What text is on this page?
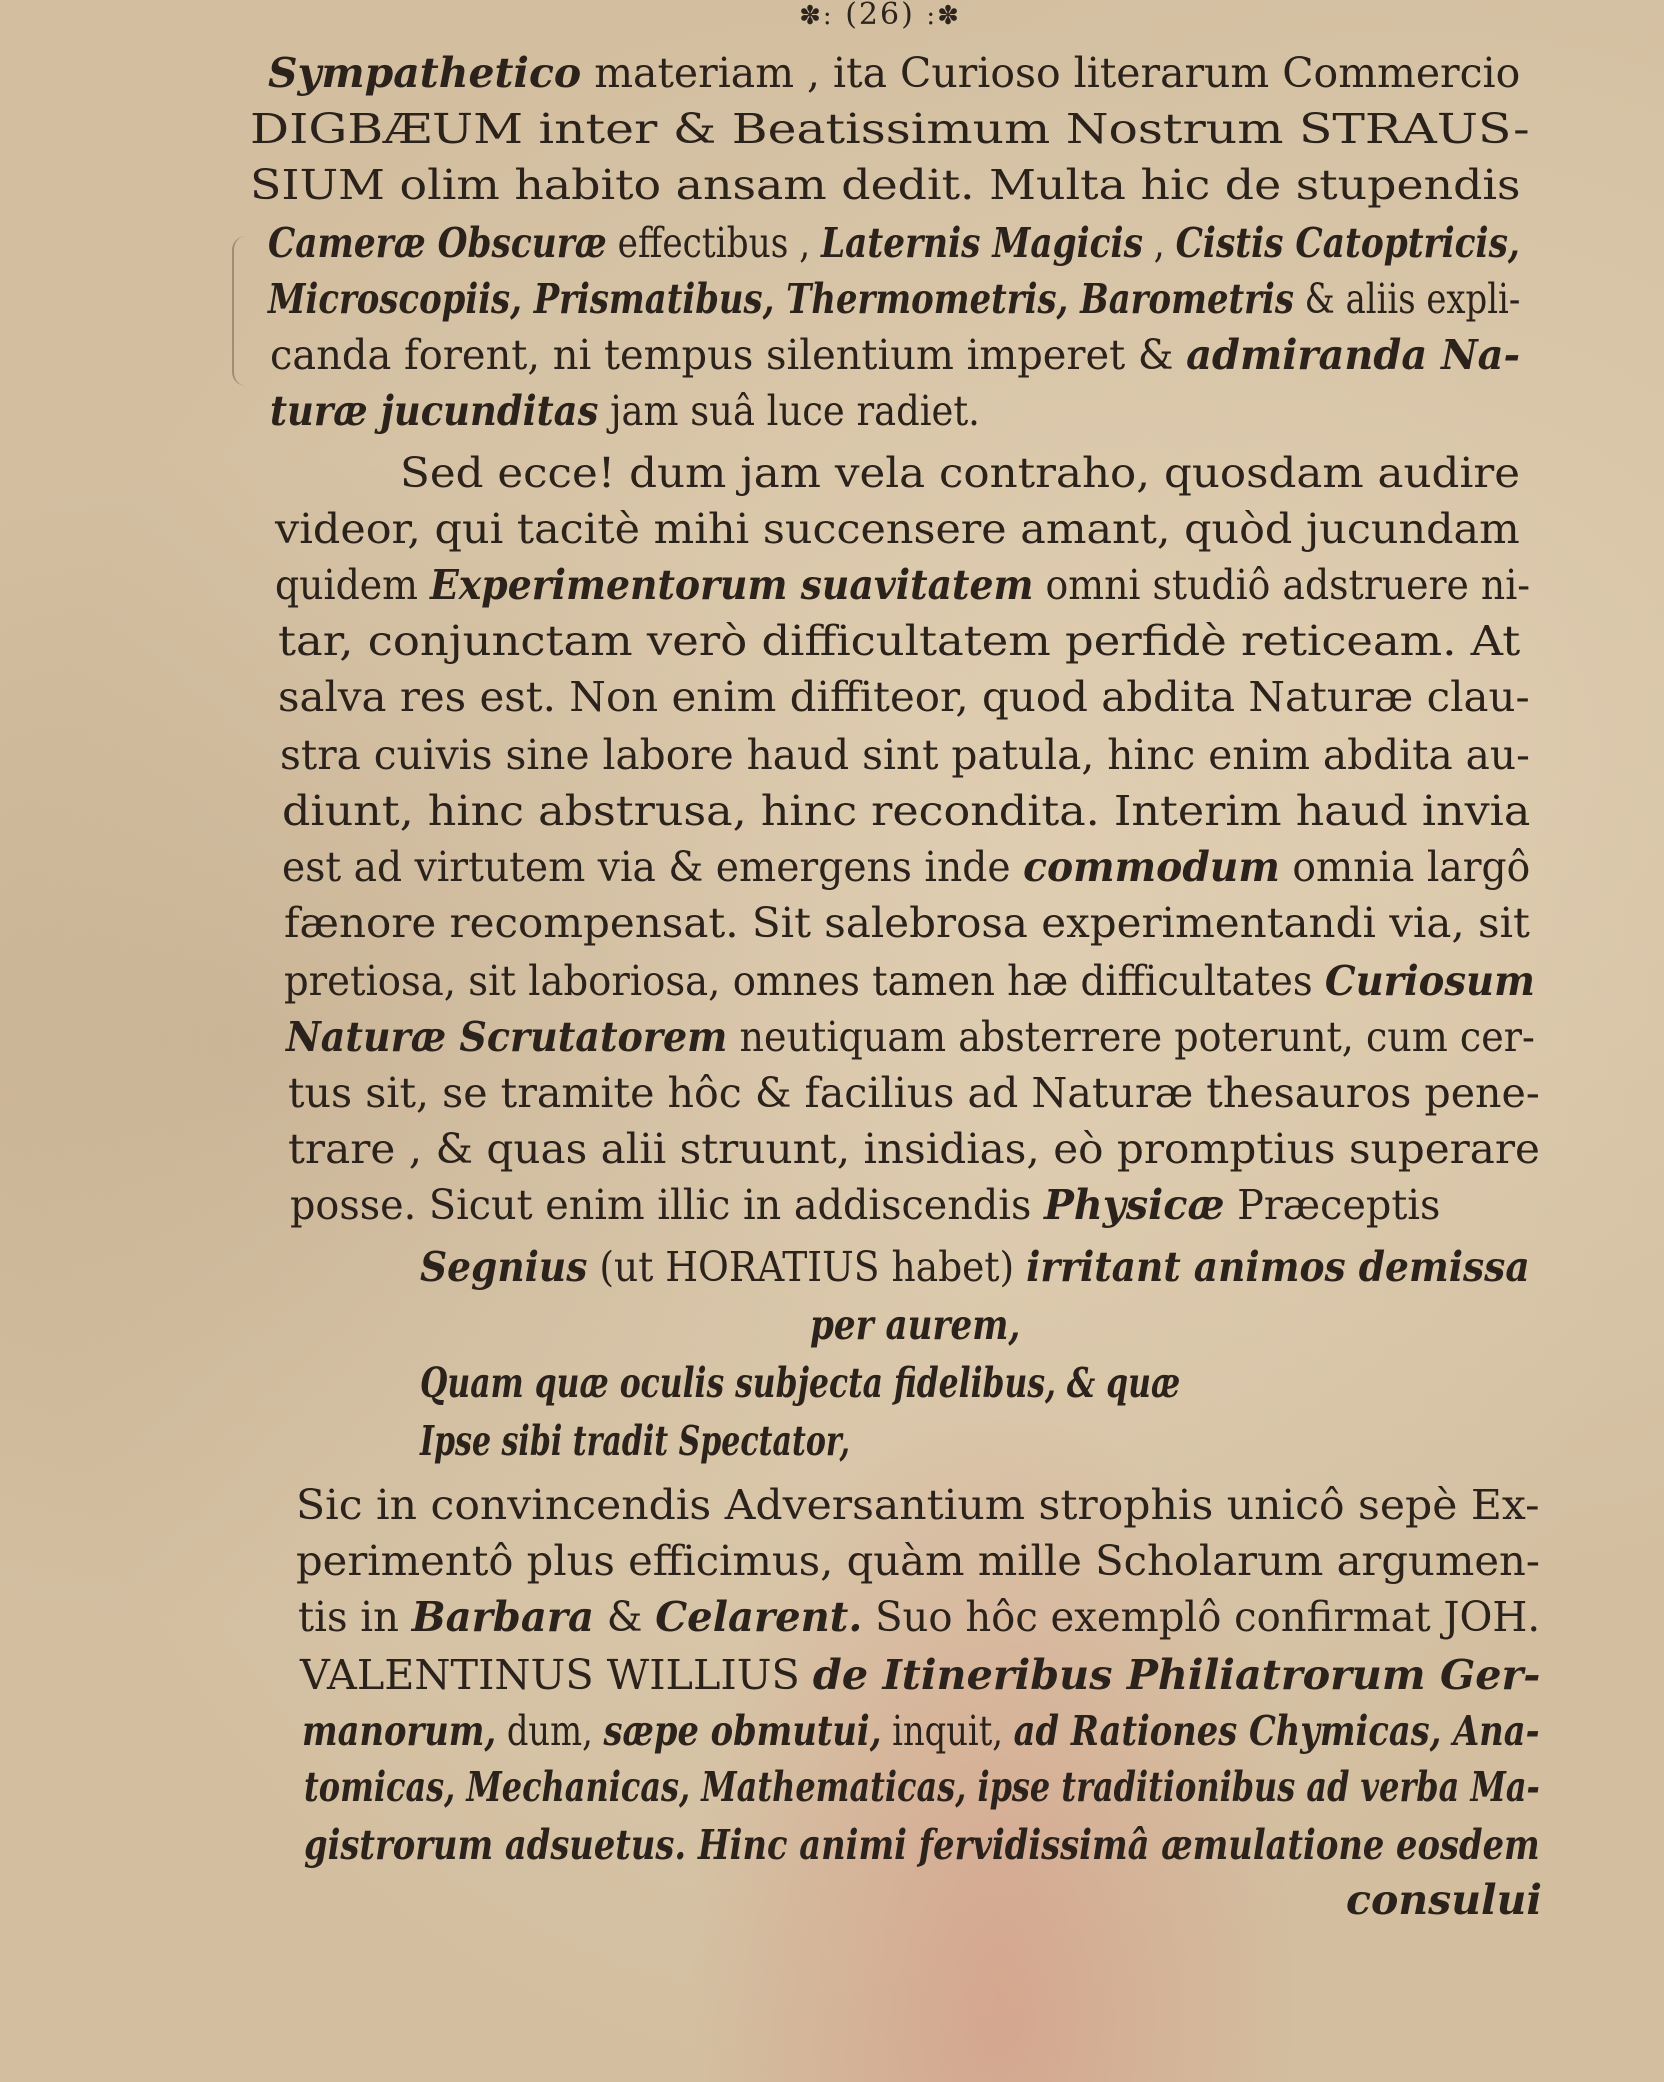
✽: (26) :✽
Sympathetico materiam , ita Curioso literarum Commercio
DIGBÆUM inter & Beatissimum Nostrum STRAUS-
SIUM olim habito ansam dedit. Multa hic de stupendis
Cameræ Obscuræ effectibus , Laternis Magicis , Cistis Catoptricis,
Microscopiis, Prismatibus, Thermometris, Barometris & aliis expli-
canda forent, ni tempus silentium imperet & admiranda Na-
turæ jucunditas jam suâ luce radiet.
Sed ecce! dum jam vela contraho, quosdam audire
videor, qui tacitè mihi succensere amant, quòd jucundam
quidem Experimentorum suavitatem omni studiô adstruere ni-
tar, conjunctam verò difficultatem perfidè reticeam. At
salva res est. Non enim diffiteor, quod abdita Naturæ clau-
stra cuivis sine labore haud sint patula, hinc enim abdita au-
diunt, hinc abstrusa, hinc recondita. Interim haud invia
est ad virtutem via & emergens inde commodum omnia largô
fænore recompensat. Sit salebrosa experimentandi via, sit
pretiosa, sit laboriosa, omnes tamen hæ difficultates Curiosum
Naturæ Scrutatorem neutiquam absterrere poterunt, cum cer-
tus sit, se tramite hôc & facilius ad Naturæ thesauros pene-
trare , & quas alii struunt, insidias, eò promptius superare
posse. Sicut enim illic in addiscendis Physicæ Præceptis
Segnius (ut HORATIUS habet) irritant animos demissa
per aurem,
Quam quæ oculis subjecta fidelibus, & quæ
Ipse sibi tradit Spectator,
Sic in convincendis Adversantium strophis unicô sepè Ex-
perimentô plus efficimus, quàm mille Scholarum argumen-
tis in Barbara & Celarent. Suo hôc exemplô confirmat JOH.
VALENTINUS WILLIUS de Itineribus Philiatrorum Ger-
manorum, dum, sæpe obmutui, inquit, ad Rationes Chymicas, Ana-
tomicas, Mechanicas, Mathematicas, ipse traditionibus ad verba Ma-
gistrorum adsuetus. Hinc animi fervidissimâ æmulatione eosdem
consului
